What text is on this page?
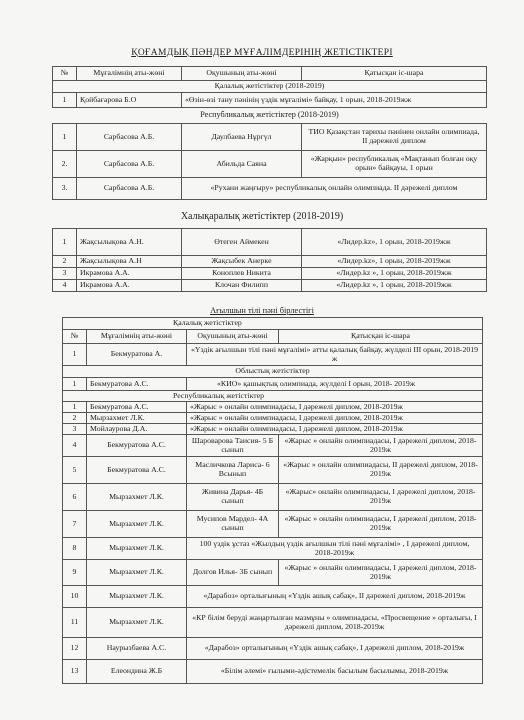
ҚОҒАМДЫҚ ПӘНДЕР МҰҒАЛІМДЕРІНІҢ ЖЕТІСТІКТЕРІ
№	Мұғалімнің аты-жөні	Оқушының аты-жөні	Қатысқан іс-шара
Қалалық жетістіктер (2018-2019)			
1	Қойбағарова Б.О	«Өзін-өзі тану пәнінің үздік мұғалімі» байқау, 1 орын, 2018-2019жж	
Республикалық жетістіктер (2018-2019)			
1	Сарбасова А.Б.	Даулбаева Нұргүл	ТИО Қазақстан тарихы пәнінен онлайн олимпиада, II дәрежелі диплом
2.	Сарбасова А.Б.	Абильда Саяна	«Жарқын» республикалық «Мақтанып болған оқу орын» байқауы, 1 орын
3.	Сарбасова А.Б.	«Рухани жаңғыру» республикалық онлайн олимпиада. II дәрежелі диплом	
Халықаралық жетістіктер (2018-2019)
1	Жақсылықова А.Н.	Өтеген Аймекен	«Лидер.kz», 1 орын, 2018-2019жж
2	Жақсылықова А.Н	Жақсыбек Анеркe	«Лидер.kz», 1 орын, 2018-2019жж
3	Икрамова А.А.	Коноплев Никита	«Лидер.kz », 1 орын, 2018-2019жж
4	Икрамова А.А.	Клочан Филипп	«Лидер.kz », 1 орын, 2018-2019жж
Ағылшын тілі пәні бірлестігі
Қалалық жетістіктер			
№	Мұғалімнің аты-жөні	Оқушының аты-жөні	Қатысқан іс-шара
1	Бекмуратова А.	«Үздік ағылшын тілі пәні мұғалімі» атты қалалық байқау, жүлделі III орын, 2018-2019 ж	
Облыстық жетістіктер			
1	Бекмуратова А.С.	«КИО» қашықтық олимпиада, жүлделі I орын, 2018- 2019ж	
Республикалық жетістіктер			
1	Бекмуратова А.С.	«Жарыс » онлайн олимпиадасы, I дәрежелі диплом, 2018-2019ж	
2	Мырзахмет Л.К.	«Жарыс » онлайн олимпиадасы, I дәрежелі диплом, 2018-2019ж	
3	Мойлаурова Д.А.	«Жарыс » онлайн олимпиадасы, I дәрежелі диплом, 2018-2019ж	
4	Бекмуратова А.С.	Шароварова Таисия- 5 Б сынып	«Жарыс » онлайн олимпиадасы, I дәрежелі диплом, 2018-2019ж
5	Бекмуратова А.С.	Масличкова Лариса- 6 Всынып	«Жарыс » онлайн олимпиадасы, II дәрежелі диплом, 2018-2019ж
6	Мырзахмет Л.К.	Живина Дарья- 4Б сынып	«Жарыс» онлайн олимпиадасы, I дәрежелі диплом, 2018-2019ж
7	Мырзахмет Л.К.	Мусипов Мардел- 4А сынып	«Жарыс » онлайн олимпиадасы, I дәрежелі диплом, 2018-2019ж
8	Мырзахмет Л.К.	100 үздік ұстаз «Жылдың үздік ағылшын тілі пәні мұғалімі» , I дәрежелі диплом, 2018-2019ж	
9	Мырзахмет Л.К.	Долгов Илья- 3Б сынып	«Жарыс » онлайн олимпиадасы, I дәрежелі диплом, 2018-2019ж
10	Мырзахмет Л.К.	«Дарабоз» орталығының «Үздік ашық сабақ», II дәрежелі диплом, 2018-2019ж	
11	Мырзахмет Л.К.	«КР білім беруді жаңартылған мазмұны » олимпиадасы, «Просвещение » орталығы, I дәрежелі диплом, 2018-2019ж	
12	Наурызбаева А.С.	«Дарабоз» орталығының «Үздік ашық сабақ», I дәрежелі диплом, 2018-2019ж	
13	Елеондина Ж.Б	«Білім әлемі» ғылыми-әдістемелік басылым басылымы, 2018-2019ж	
